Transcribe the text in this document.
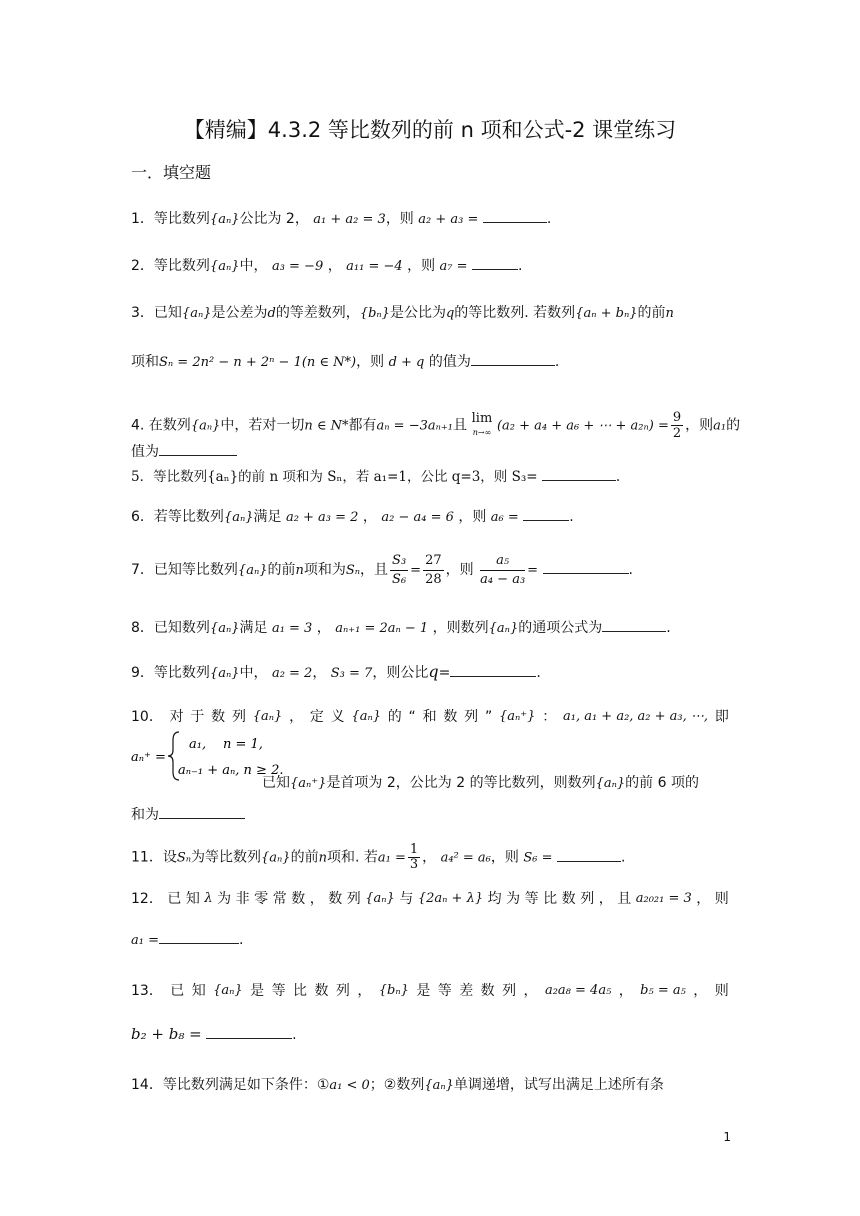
【精编】4.3.2 等比数列的前 n 项和公式-2 课堂练习
一．填空题
1．等比数列{aₙ}公比为 2， a₁ + a₂ = 3，则 a₂ + a₃ =	.
2．等比数列{aₙ}中， a₃ = −9 ， a₁₁ = −4 ，则 a₇ =	.
3．已知{aₙ}是公差为d的等差数列，{bₙ}是公比为q的等比数列. 若数列{aₙ + bₙ}的前n
项和Sₙ = 2n² − n + 2ⁿ − 1(n ∈ N*)，则 d + q 的值为	.
4. 在数列{aₙ}中，若对一切n ∈ N*都有aₙ = −3aₙ₊₁且 lim
n→∞ (a₂ + a₄ + a₆ + ⋯ + $a_{2n}) = \frac{9}{2}$ ，则a₁的
值为
5．等比数列{aₙ}的前 n 项和为 Sₙ，若 a₁=1，公比 q=3，则 S₃=	.
6．若等比数列{aₙ}满足 a₂ + a₃ = 2 ， a₂ − a₄ = 6 ，则 a₆ =	.
7．已知等比数列{aₙ}的前n项和为Sₙ，且 $\frac{\text{S₃}}{\text{S₆}} = \frac{27}{28}$ ，则 $\frac{\text{a₅}}{\text{a₄ − a₃}}$ =	.
8．已知数列{aₙ}满足 a₁ = 3 ， aₙ₊₁ = 2aₙ − 1 ，则数列{aₙ}的通项公式为	.
9．等比数列{aₙ}中， a₂ = 2， S₃ = 7，则公比q=	.
10． 对 于 数 列 {aₙ} ， 定 义 {aₙ} 的 “ 和 数 列 ” {aₙ⁺} ： a₁, a₁ + a₂, a₂ + a₃, ⋯, 即
aₙ⁺ =
a₁, n = 1,
aₙ₋₁ + aₙ, n ≥ 2.
已知{aₙ⁺}是首项为 2，公比为 2 的等比数列，则数列{aₙ}的前 6 项的
和为
11．设Sₙ为等比数列{aₙ}的前n项和. 若$a_1 = \frac{1}{3}$ ， a₄² = a₆，则 S₆ =	.
12． 已 知 λ 为 非 零 常 数 ， 数 列 {aₙ} 与 {2aₙ + λ} 均 为 等 比 数 列 ， 且 a₂₀₂₁ = 3 ， 则
a₁ =	.
13． 已 知 {aₙ} 是 等 比 数 列 ， {bₙ} 是 等 差 数 列 ， a₂a₈ = 4a₅ ， b₅ = a₅ ， 则
b₂ + b₈ =	.
14．等比数列满足如下条件：①a₁ < 0；②数列{aₙ}单调递增，试写出满足上述所有条
1
